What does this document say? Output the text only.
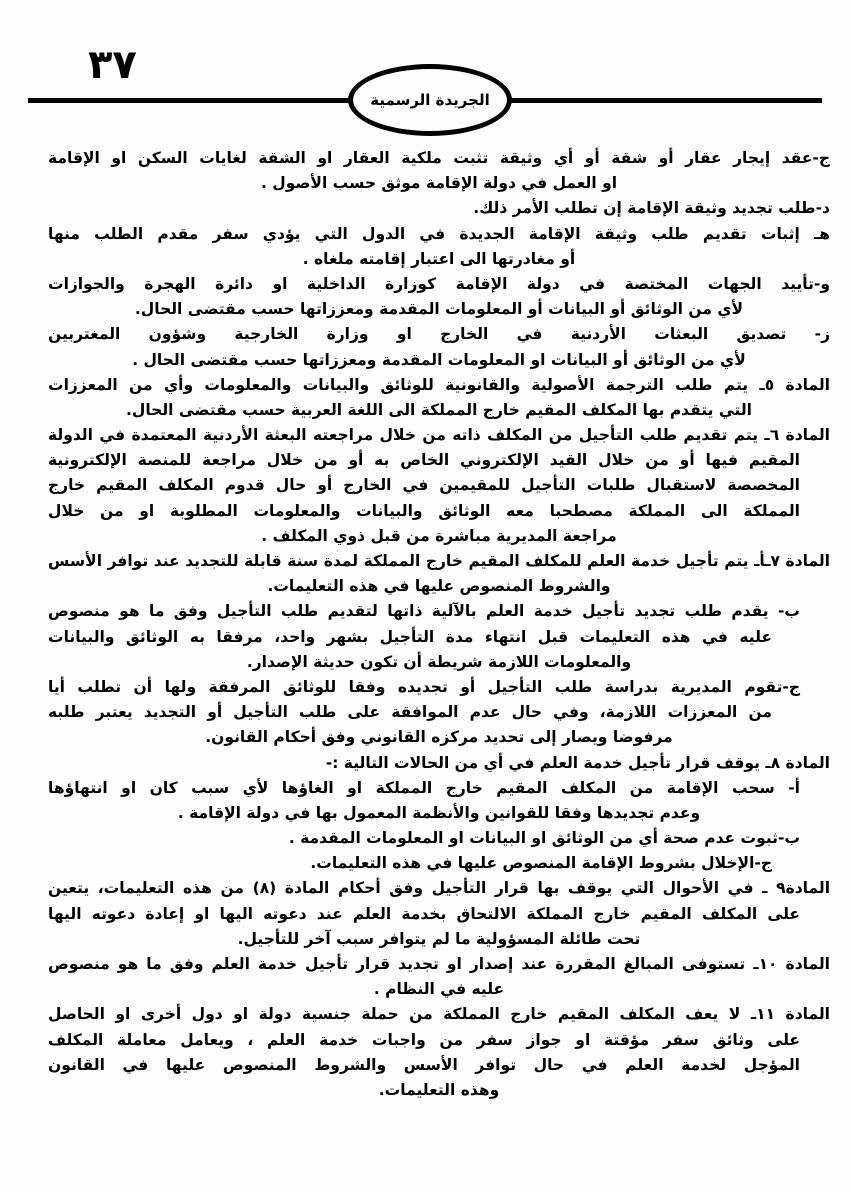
٣٧
الجريدة الرسمية
ج-عقد إيجار عقار أو شقة أو أي وثيقة تثبت ملكية العقار او الشقة لغايات السكن او الإقامة
او العمل في دولة الإقامة موثق حسب الأصول .
د-طلب تجديد وثيقة الإقامة إن تطلب الأمر ذلك.
هـ إثبات تقديم طلب وثيقة الإقامة الجديدة في الدول التي يؤدي سفر مقدم الطلب منها
أو مغادرتها الى اعتبار إقامته ملغاه .
و-تأييد الجهات المختصة في دولة الإقامة كوزارة الداخلية او دائرة الهجرة والجوازات
لأي من الوثائق أو البيانات أو المعلومات المقدمة ومعززاتها حسب مقتضى الحال.
ز- تصديق البعثات الأردنية في الخارج او وزارة الخارجية وشؤون المغتربين
لأي من الوثائق أو البيانات او المعلومات المقدمة ومعززاتها حسب مقتضى الحال .
المادة ٥ـ يتم طلب الترجمة الأصولية والقانونية للوثائق والبيانات والمعلومات وأي من المعززات
التي يتقدم بها المكلف المقيم خارج المملكة الى اللغة العربية حسب مقتضى الحال.
المادة ٦ـ يتم تقديم طلب التأجيل من المكلف ذاته من خلال مراجعته البعثة الأردنية المعتمدة في الدولة
المقيم فيها أو من خلال القيد الإلكتروني الخاص به أو من خلال مراجعة للمنصة الإلكترونية
المخصصة لاستقبال طلبات التأجيل للمقيمين في الخارج أو حال قدوم المكلف المقيم خارج
المملكة الى المملكة مصطحبا معه الوثائق والبيانات والمعلومات المطلوبة او من خلال
مراجعة المديرية مباشرة من قبل ذوي المكلف .
المادة ٧ـأـ يتم تأجيل خدمة العلم للمكلف المقيم خارج المملكة لمدة سنة قابلة للتجديد عند توافر الأسس
والشروط المنصوص عليها في هذه التعليمات.
ب- يقدم طلب تجديد تأجيل خدمة العلم بالآلية ذاتها لتقديم طلب التأجيل وفق ما هو منصوص
عليه في هذه التعليمات قبل انتهاء مدة التأجيل بشهر واحد، مرفقا به الوثائق والبيانات
والمعلومات اللازمة شريطة أن تكون حديثة الإصدار.
ج-تقوم المديرية بدراسة طلب التأجيل أو تجديده وفقا للوثائق المرفقة ولها أن تطلب أيا
من المعززات اللازمة، وفي حال عدم الموافقة على طلب التأجيل أو التجديد يعتبر طلبه
مرفوضا ويصار إلى تحديد مركزه القانوني وفق أحكام القانون.
المادة ٨ـ يوقف قرار تأجيل خدمة العلم في أي من الحالات التالية :-
أ- سحب الإقامة من المكلف المقيم خارج المملكة او الغاؤها لأي سبب كان او انتهاؤها
وعدم تجديدها وفقا للقوانين والأنظمة المعمول بها في دولة الإقامة .
ب-ثبوت عدم صحة أي من الوثائق او البيانات او المعلومات المقدمة .
ج-الإخلال بشروط الإقامة المنصوص عليها في هذه التعليمات.
المادة٩ ـ في الأحوال التي يوقف بها قرار التأجيل وفق أحكام المادة (٨) من هذه التعليمات، يتعين
على المكلف المقيم خارج المملكة الالتحاق بخدمة العلم عند دعوته اليها او إعادة دعوته اليها
تحت طائلة المسؤولية ما لم يتوافر سبب آخر للتأجيل.
المادة ١٠ـ تستوفى المبالغ المقررة عند إصدار او تجديد قرار تأجيل خدمة العلم وفق ما هو منصوص
عليه في النظام .
المادة ١١ـ لا يعف المكلف المقيم خارج المملكة من حملة جنسية دولة او دول أخرى او الحاصل
على وثائق سفر مؤقتة او جواز سفر من واجبات خدمة العلم ، ويعامل معاملة المكلف
المؤجل لخدمة العلم في حال توافر الأسس والشروط المنصوص عليها في القانون
وهذه التعليمات.
